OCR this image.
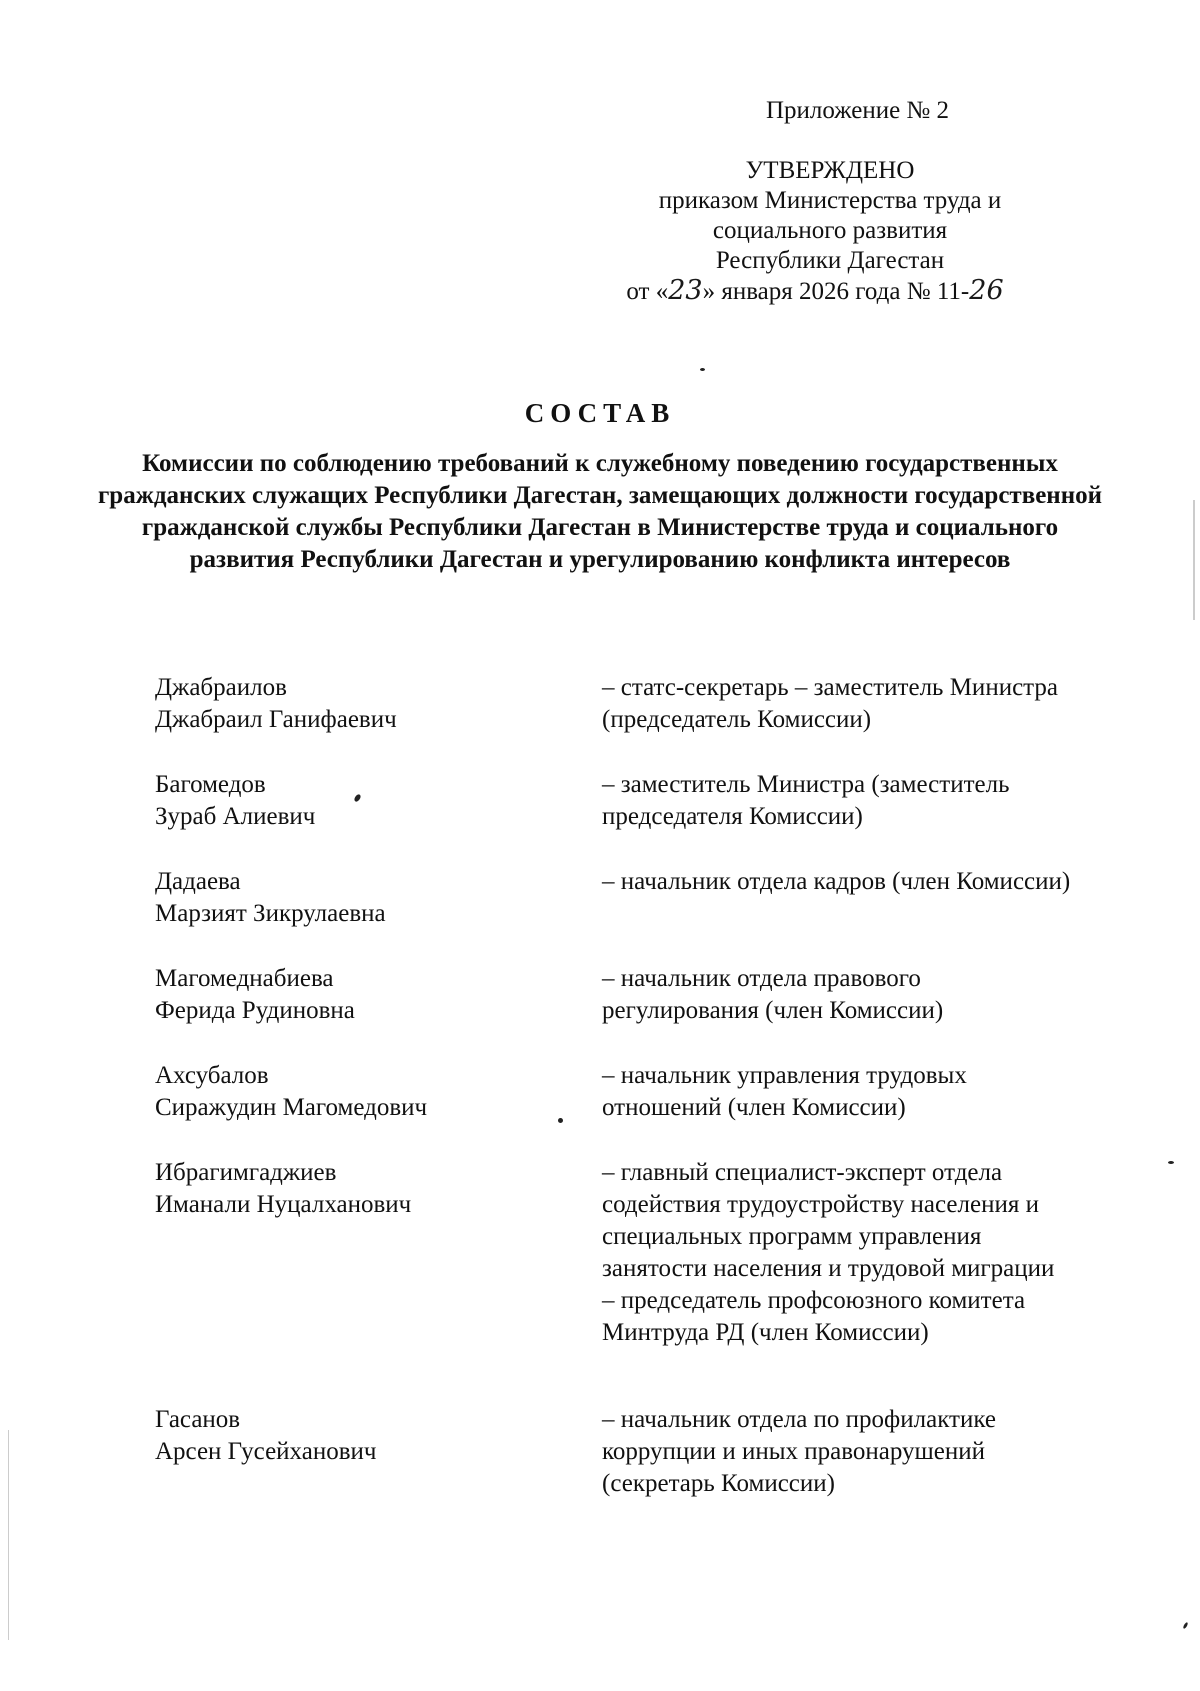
Приложение № 2
УТВЕРЖДЕНО
приказом Министерства труда и
социального развития
Республики Дагестан
от «23» января 2026 года № 11-26
СОСТАВ
Комиссии по соблюдению требований к служебному поведению государственных гражданских служащих Республики Дагестан, замещающих должности государственной гражданской службы Республики Дагестан в Министерстве труда и социального развития Республики Дагестан и урегулированию конфликта интересов
Джабраилов
Джабраил Ганифаевич
– статс-секретарь – заместитель Министра (председатель Комиссии)
Багомедов
Зураб Алиевич
– заместитель Министра (заместитель председателя Комиссии)
Дадаева
Марзият Зикрулаевна
– начальник отдела кадров (член Комиссии)
Магомеднабиева
Ферида Рудиновна
– начальник отдела правового регулирования (член Комиссии)
Ахсубалов
Сиражудин Магомедович
– начальник управления трудовых отношений (член Комиссии)
Ибрагимгаджиев
Иманали Нуцалханович
– главный специалист-эксперт отдела содействия трудоустройству населения и специальных программ управления занятости населения и трудовой миграции – председатель профсоюзного комитета Минтруда РД (член Комиссии)
Гасанов
Арсен Гусейханович
– начальник отдела по профилактике коррупции и иных правонарушений (секретарь Комиссии)
